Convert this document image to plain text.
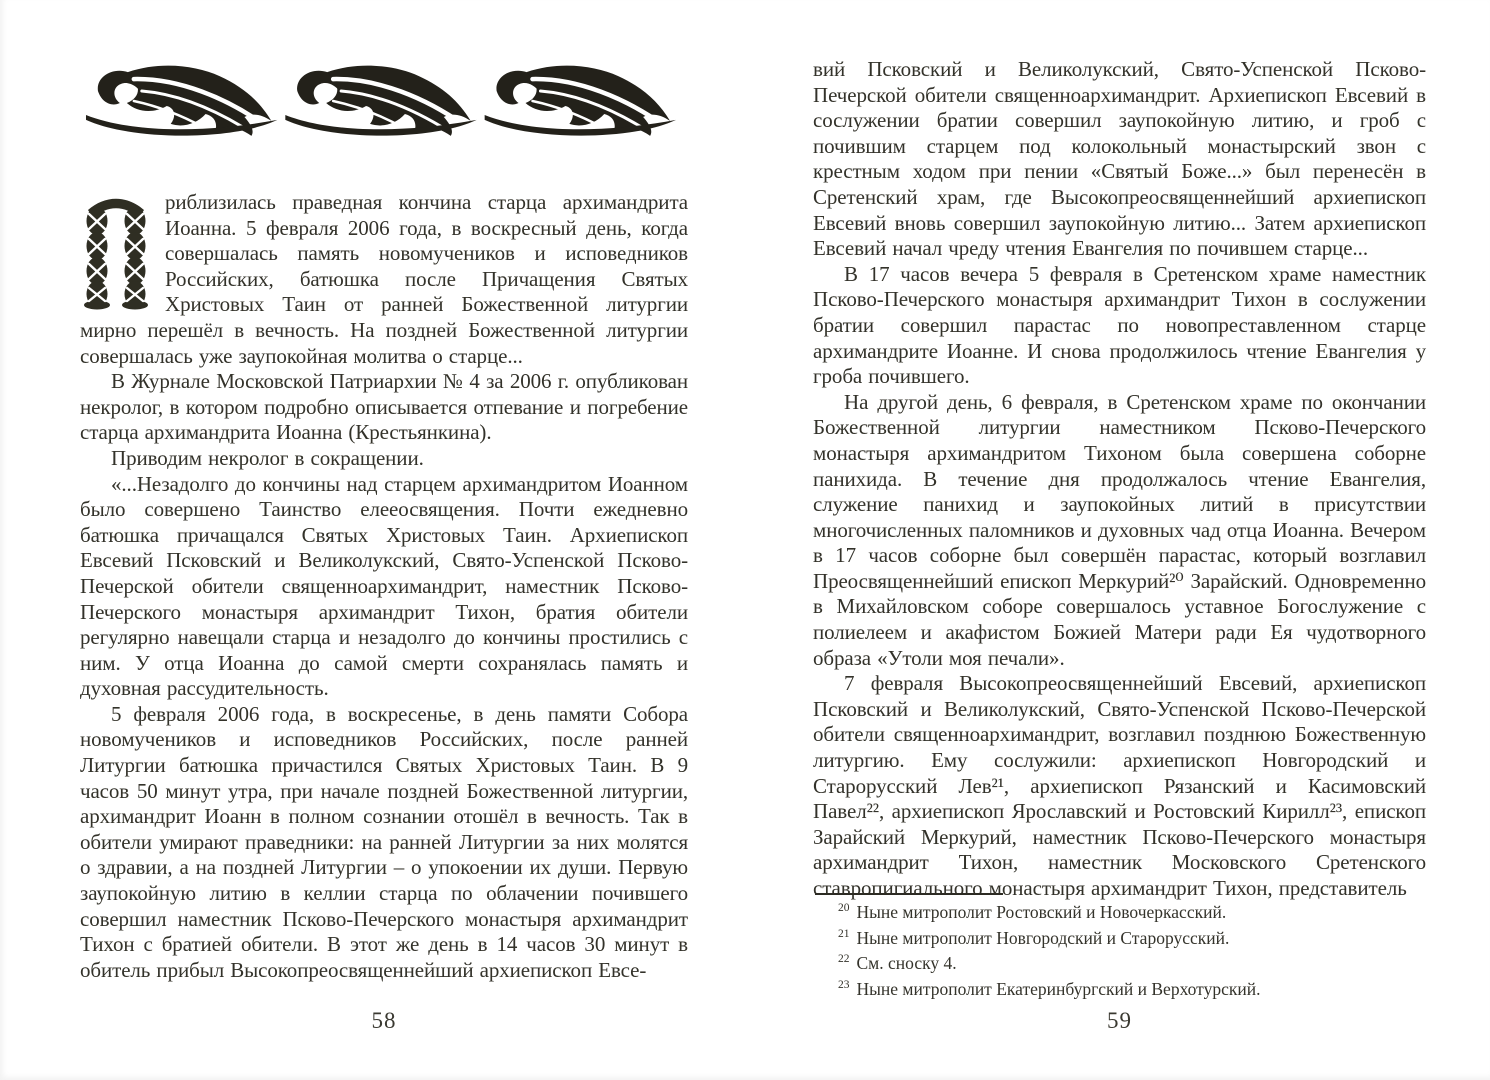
риблизилась праведная кончина старца архимандрита Иоанна. 5 февраля 2006 года, в воскресный день, когда совершалась память новомучеников и исповедников Российских, батюшка после Причащения Святых Христовых Таин от ранней Божественной литургии мирно перешёл в вечность. На поздней Божественной литургии совершалась уже заупокойная молитва о старце...

В Журнале Московской Патриархии № 4 за 2006 г. опубликован некролог, в котором подробно описывается отпевание и погребение старца архимандрита Иоанна (Крестьянкина).

Приводим некролог в сокращении.

«...Незадолго до кончины над старцем архимандритом Иоанном было совершено Таинство елееосвящения. Почти ежедневно батюшка причащался Святых Христовых Таин. Архиепископ Евсевий Псковский и Великолукский, Свято-Успенской Псково-Печерской обители священноархимандрит, наместник Псково-Печерского монастыря архимандрит Тихон, братия обители регулярно навещали старца и незадолго до кончины простились с ним. У отца Иоанна до самой смерти сохранялась память и духовная рассудительность.

5 февраля 2006 года, в воскресенье, в день памяти Собора новомучеников и исповедников Российских, после ранней Литургии батюшка причастился Святых Христовых Таин. В 9 часов 50 минут утра, при начале поздней Божественной литургии, архимандрит Иоанн в полном сознании отошёл в вечность. Так в обители умирают праведники: на ранней Литургии за них молятся о здравии, а на поздней Литургии – о упокоении их души. Первую заупокойную литию в келлии старца по облачении почившего совершил наместник Псково-Печерского монастыря архимандрит Тихон с братией обители. В этот же день в 14 часов 30 минут в обитель прибыл Высокопреосвященнейший архиепископ Евсе-

58

вий Псковский и Великолукский, Свято-Успенской Псково-Печерской обители священноархимандрит. Архиепископ Евсевий в сослужении братии совершил заупокойную литию, и гроб с почившим старцем под колокольный монастырский звон с крестным ходом при пении «Святый Боже...» был перенесён в Сретенский храм, где Высокопреосвященнейший архиепископ Евсевий вновь совершил заупокойную литию... Затем архиепископ Евсевий начал чреду чтения Евангелия по почившем старце...

В 17 часов вечера 5 февраля в Сретенском храме наместник Псково-Печерского монастыря архимандрит Тихон в сослужении братии совершил парастас по новопреставленном старце архимандрите Иоанне. И снова продолжилось чтение Евангелия у гроба почившего.

На другой день, 6 февраля, в Сретенском храме по окончании Божественной литургии наместником Псково-Печерского монастыря архимандритом Тихоном была совершена соборне панихида. В течение дня продолжалось чтение Евангелия, служение панихид и заупокойных литий в присутствии многочисленных паломников и духовных чад отца Иоанна. Вечером в 17 часов соборне был совершён парастас, который возглавил Преосвященнейший епископ Меркурий²⁰ Зарайский. Одновременно в Михайловском соборе совершалось уставное Богослужение с полиелеем и акафистом Божией Матери ради Ея чудотворного образа «Утоли моя печали».

7 февраля Высокопреосвященнейший Евсевий, архиепископ Псковский и Великолукский, Свято-Успенской Псково-Печерской обители священноархимандрит, возглавил позднюю Божественную литургию. Ему сослужили: архиепископ Новгородский и Старорусский Лев²¹, архиепископ Рязанский и Касимовский Павел²², архиепископ Ярославский и Ростовский Кирилл²³, епископ Зарайский Меркурий, наместник Псково-Печерского монастыря архимандрит Тихон, наместник Московского Сретенского ставропигиального монастыря архимандрит Тихон, представитель

$^{20}$ Ныне митрополит Ростовский и Новочеркасский.
$^{21}$ Ныне митрополит Новгородский и Старорусский.
$^{22}$ См. сноску 4.
$^{23}$ Ныне митрополит Екатеринбургский и Верхотурский.
59
